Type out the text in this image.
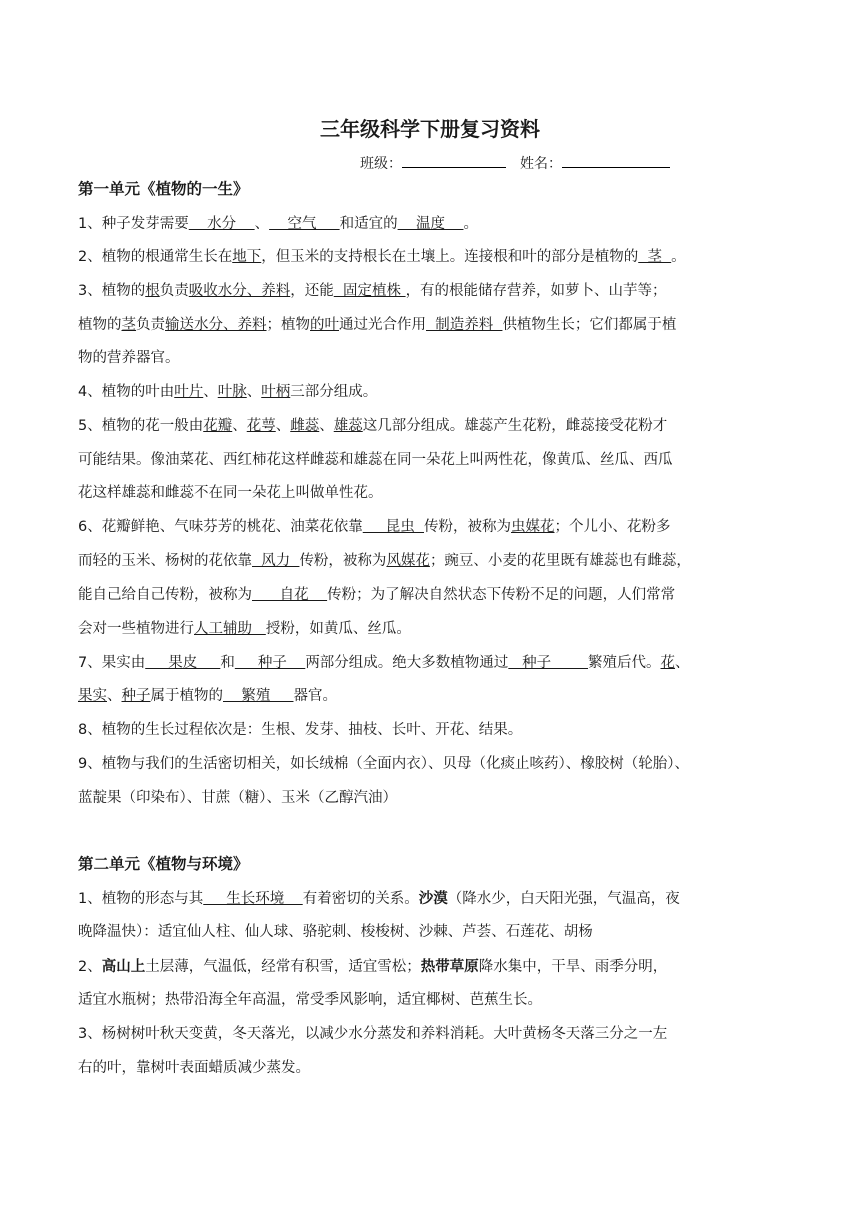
三年级科学下册复习资料
班级：	姓名：
第一单元《植物的一生》
1、种子发芽需要    水分    、    空气     和适宜的    温度    。
2、植物的根通常生长在地下，但玉米的支持根长在土壤上。连接根和叶的部分是植物的  茎  。
3、植物的根负责吸收水分、养料，还能  固定植株 ，有的根能储存营养，如萝卜、山芋等；
植物的茎负责输送水分、养料；植物的叶通过光合作用  制造养料  供植物生长；它们都属于植
物的营养器官。
4、植物的叶由叶片、叶脉、叶柄三部分组成。
5、植物的花一般由花瓣、花萼、雌蕊、雄蕊这几部分组成。雄蕊产生花粉，雌蕊接受花粉才
可能结果。像油菜花、西红柿花这样雌蕊和雄蕊在同一朵花上叫两性花，像黄瓜、丝瓜、西瓜
花这样雄蕊和雌蕊不在同一朵花上叫做单性花。
6、花瓣鲜艳、气味芬芳的桃花、油菜花依靠     昆虫  传粉，被称为虫媒花；个儿小、花粉多
而轻的玉米、杨树的花依靠  风力  传粉，被称为风媒花；豌豆、小麦的花里既有雄蕊也有雌蕊，
能自己给自己传粉，被称为      自花    传粉；为了解决自然状态下传粉不足的问题，人们常常
会对一些植物进行人工辅助   授粉，如黄瓜、丝瓜。
7、果实由     果皮     和     种子    两部分组成。绝大多数植物通过   种子        繁殖后代。花、
果实、种子属于植物的    繁殖     器官。
8、植物的生长过程依次是：生根、发芽、抽枝、长叶、开花、结果。
9、植物与我们的生活密切相关，如长绒棉（全面内衣）、贝母（化痰止咳药）、橡胶树（轮胎）、
蓝靛果（印染布）、甘蔗（糖）、玉米（乙醇汽油）
第二单元《植物与环境》
1、植物的形态与其     生长环境    有着密切的关系。沙漠（降水少，白天阳光强，气温高，夜
晚降温快）：适宜仙人柱、仙人球、骆驼刺、梭梭树、沙棘、芦荟、石莲花、胡杨
2、高山上土层薄，气温低，经常有积雪，适宜雪松；热带草原降水集中，干旱、雨季分明，
适宜水瓶树；热带沿海全年高温，常受季风影响，适宜椰树、芭蕉生长。
3、杨树树叶秋天变黄，冬天落光，以减少水分蒸发和养料消耗。大叶黄杨冬天落三分之一左
右的叶，靠树叶表面蜡质减少蒸发。
